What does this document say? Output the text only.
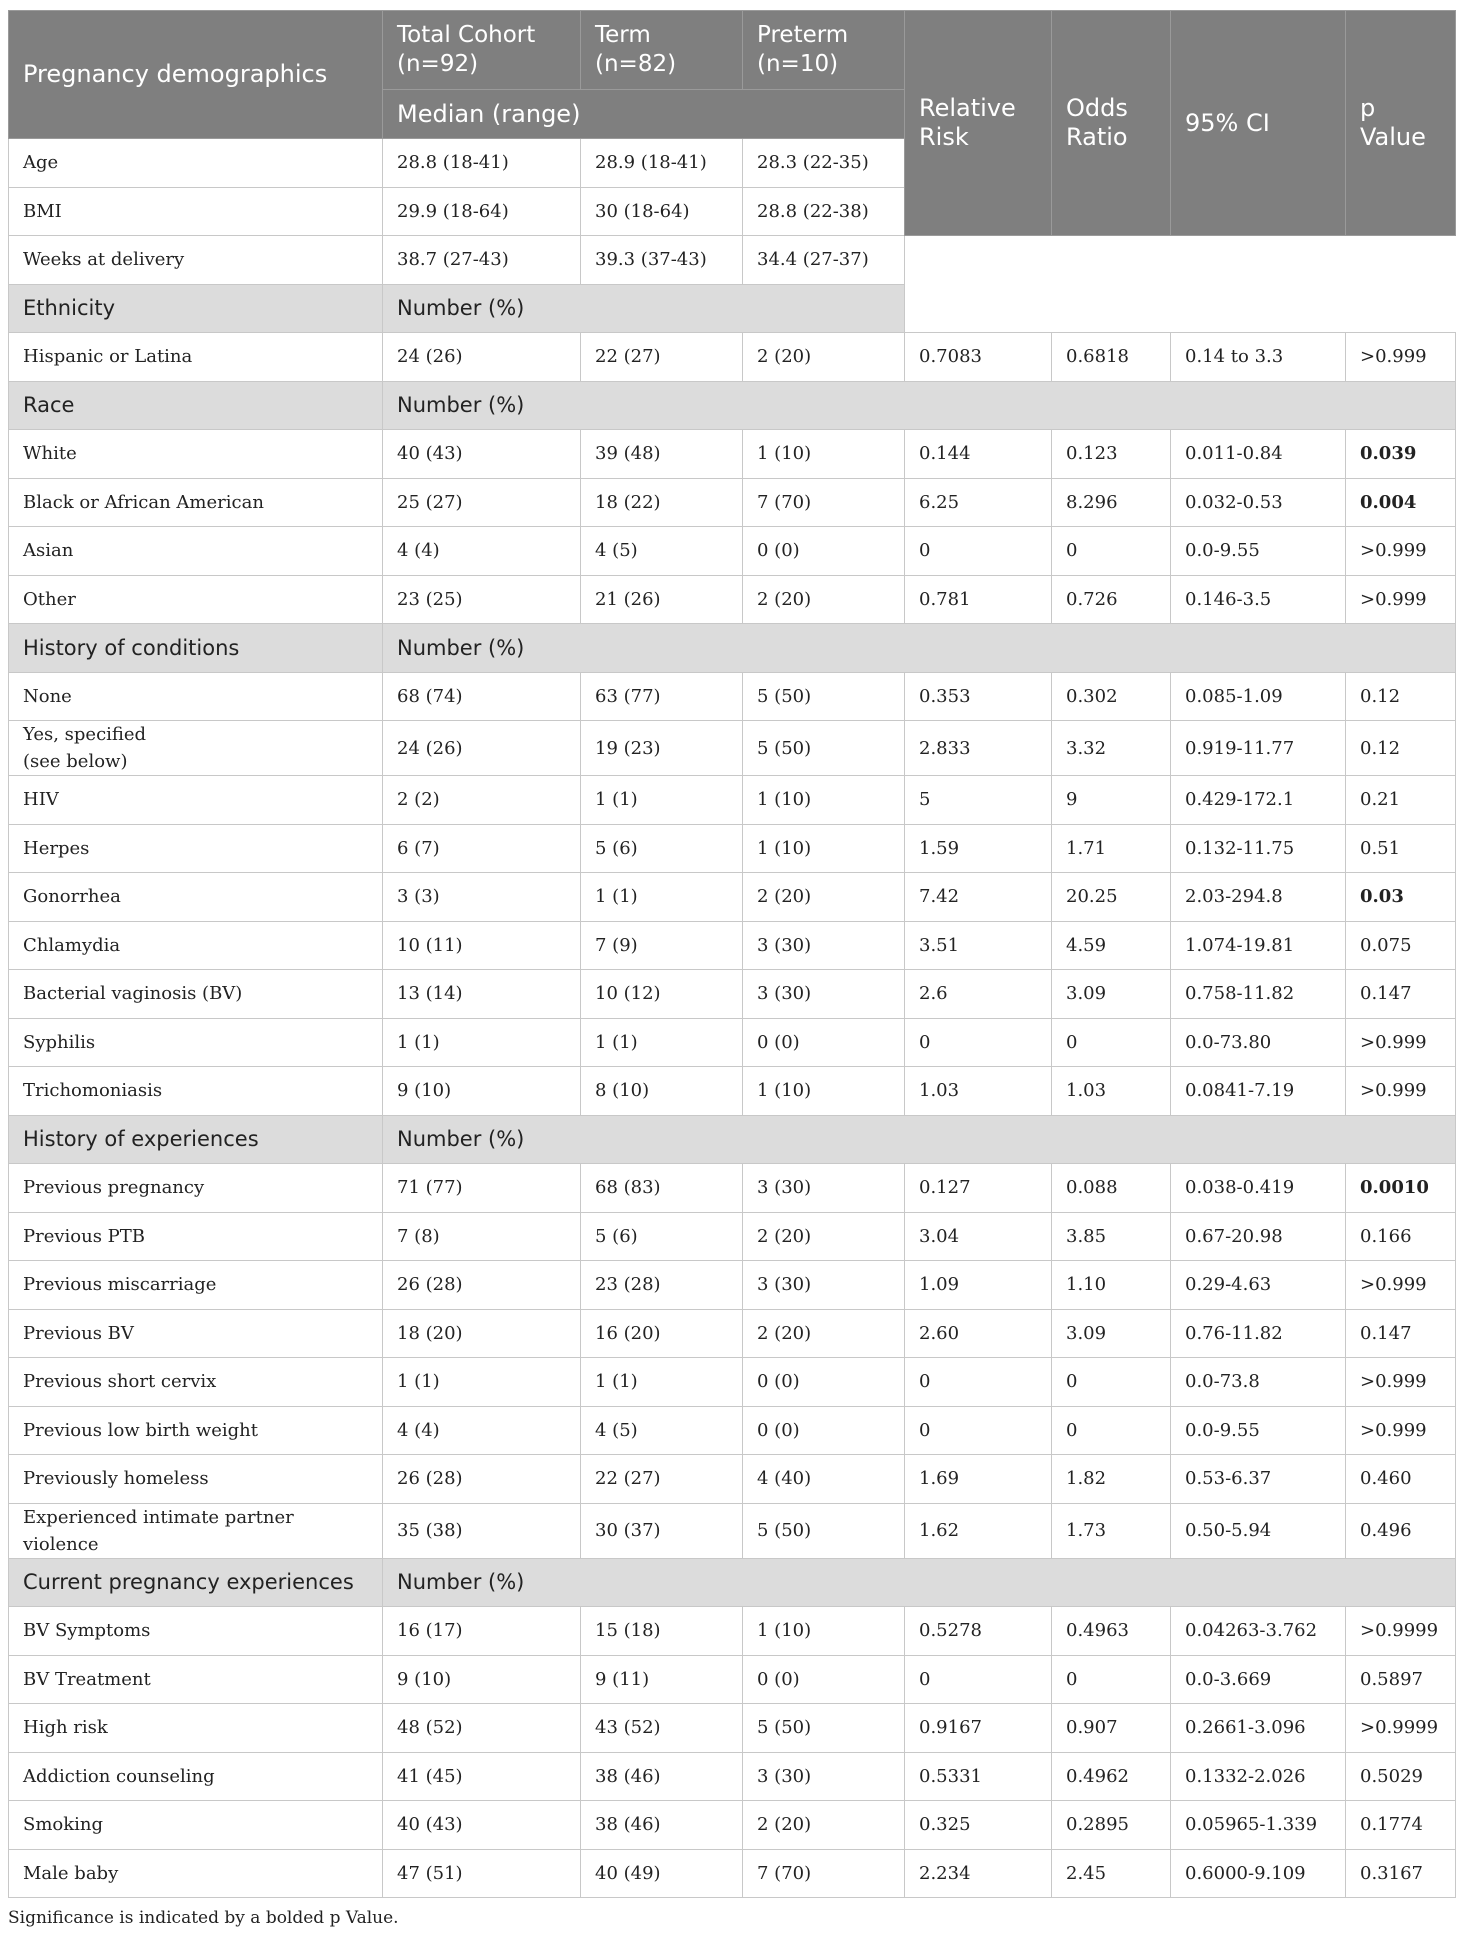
Pregnancy demographics	Total Cohort (n=92)	Term (n=82)	Preterm (n=10)	Relative Risk	Odds Ratio	95% CI	p Value
	Median (range)						
Age	28.8 (18-41)	28.9 (18-41)	28.3 (22-35)				
BMI	29.9 (18-64)	30 (18-64)	28.8 (22-38)				
Weeks at delivery	38.7 (27-43)	39.3 (37-43)	34.4 (27-37)				
Ethnicity	Number (%)						
Hispanic or Latina	24 (26)	22 (27)	2 (20)	0.7083	0.6818	0.14 to 3.3	>0.999
Race	Number (%)						
White	40 (43)	39 (48)	1 (10)	0.144	0.123	0.011-0.84	0.039
Black or African American	25 (27)	18 (22)	7 (70)	6.25	8.296	0.032-0.53	0.004
Asian	4 (4)	4 (5)	0 (0)	0	0	0.0-9.55	>0.999
Other	23 (25)	21 (26)	2 (20)	0.781	0.726	0.146-3.5	>0.999
History of conditions	Number (%)						
None	68 (74)	63 (77)	5 (50)	0.353	0.302	0.085-1.09	0.12
Yes, specified
(see below)	24 (26)	19 (23)	5 (50)	2.833	3.32	0.919-11.77	0.12
HIV	2 (2)	1 (1)	1 (10)	5	9	0.429-172.1	0.21
Herpes	6 (7)	5 (6)	1 (10)	1.59	1.71	0.132-11.75	0.51
Gonorrhea	3 (3)	1 (1)	2 (20)	7.42	20.25	2.03-294.8	0.03
Chlamydia	10 (11)	7 (9)	3 (30)	3.51	4.59	1.074-19.81	0.075
Bacterial vaginosis (BV)	13 (14)	10 (12)	3 (30)	2.6	3.09	0.758-11.82	0.147
Syphilis	1 (1)	1 (1)	0 (0)	0	0	0.0-73.80	>0.999
Trichomoniasis	9 (10)	8 (10)	1 (10)	1.03	1.03	0.0841-7.19	>0.999
History of experiences	Number (%)						
Previous pregnancy	71 (77)	68 (83)	3 (30)	0.127	0.088	0.038-0.419	0.0010
Previous PTB	7 (8)	5 (6)	2 (20)	3.04	3.85	0.67-20.98	0.166
Previous miscarriage	26 (28)	23 (28)	3 (30)	1.09	1.10	0.29-4.63	>0.999
Previous BV	18 (20)	16 (20)	2 (20)	2.60	3.09	0.76-11.82	0.147
Previous short cervix	1 (1)	1 (1)	0 (0)	0	0	0.0-73.8	>0.999
Previous low birth weight	4 (4)	4 (5)	0 (0)	0	0	0.0-9.55	>0.999
Previously homeless	26 (28)	22 (27)	4 (40)	1.69	1.82	0.53-6.37	0.460
Experienced intimate partner violence	35 (38)	30 (37)	5 (50)	1.62	1.73	0.50-5.94	0.496
Current pregnancy experiences	Number (%)						
BV Symptoms	16 (17)	15 (18)	1 (10)	0.5278	0.4963	0.04263-3.762	>0.9999
BV Treatment	9 (10)	9 (11)	0 (0)	0	0	0.0-3.669	0.5897
High risk	48 (52)	43 (52)	5 (50)	0.9167	0.907	0.2661-3.096	>0.9999
Addiction counseling	41 (45)	38 (46)	3 (30)	0.5331	0.4962	0.1332-2.026	0.5029
Smoking	40 (43)	38 (46)	2 (20)	0.325	0.2895	0.05965-1.339	0.1774
Male baby	47 (51)	40 (49)	7 (70)	2.234	2.45	0.6000-9.109	0.3167
Significance is indicated by a bolded p Value.
